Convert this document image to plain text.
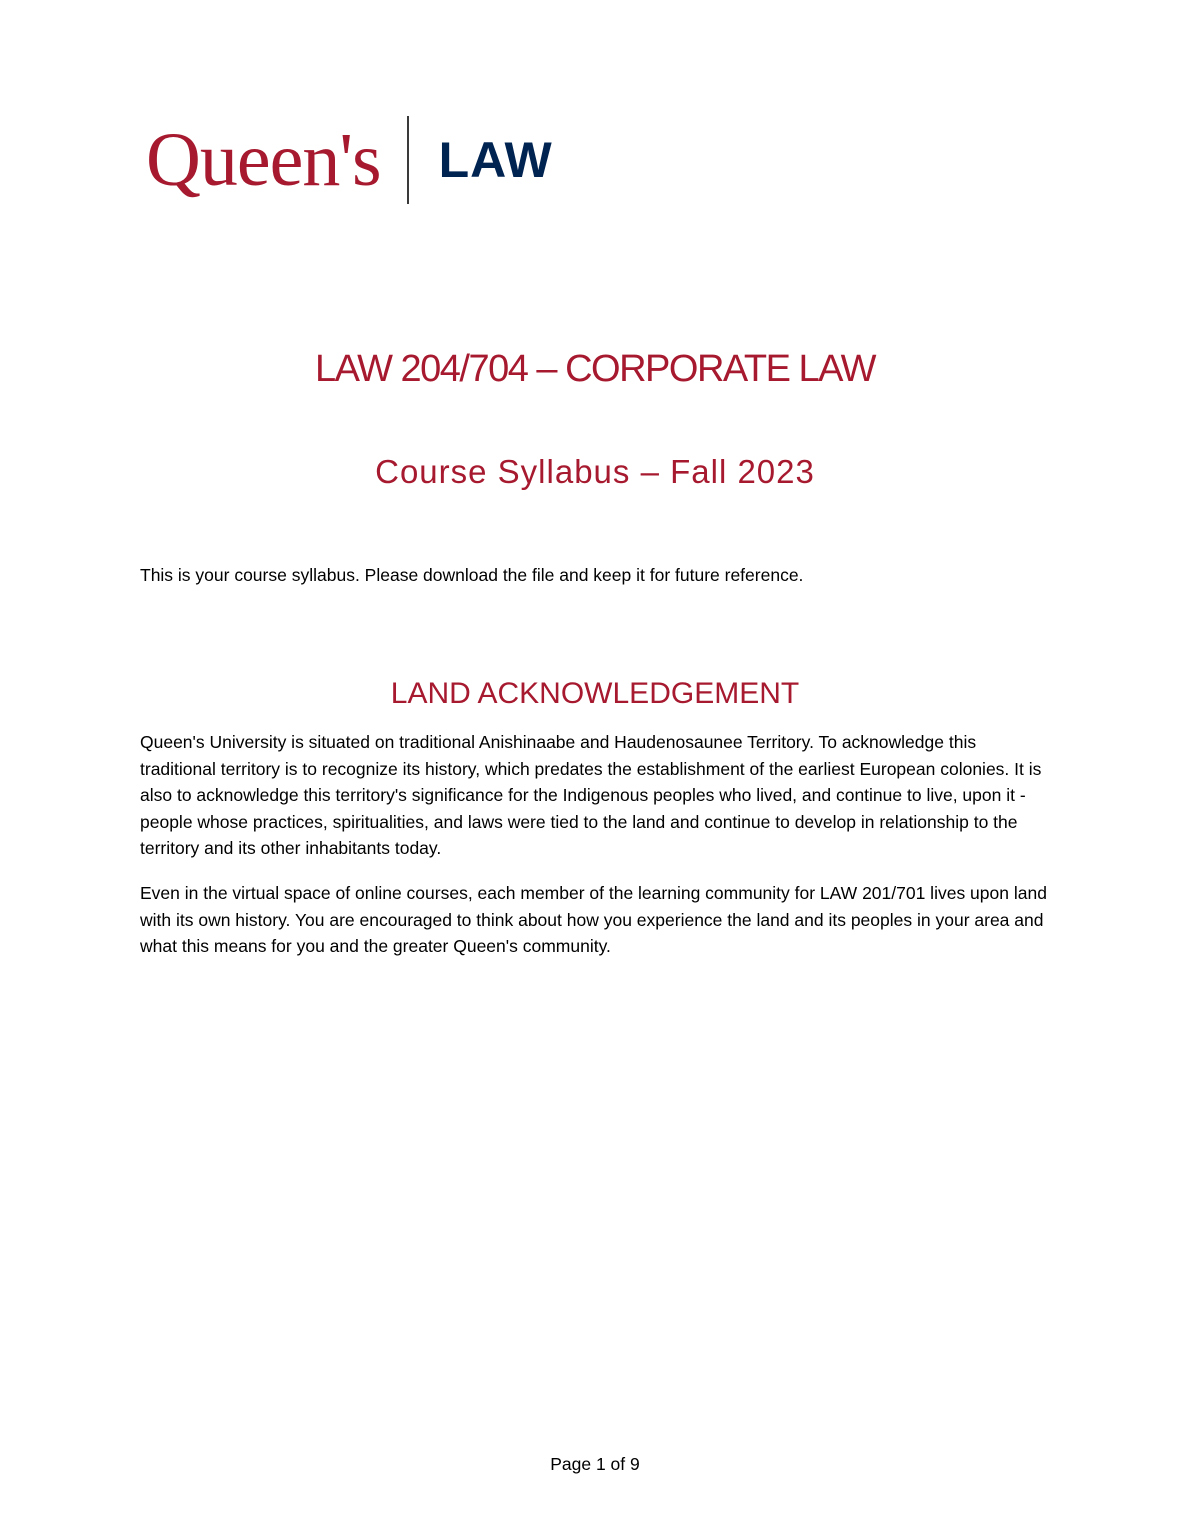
Queen's LAW
LAW 204/704 – CORPORATE LAW
Course Syllabus – Fall 2023

This is your course syllabus. Please download the file and keep it for future reference.

LAND ACKNOWLEDGEMENT

Queen's University is situated on traditional Anishinaabe and Haudenosaunee Territory. To acknowledge this traditional territory is to recognize its history, which predates the establishment of the earliest European colonies. It is also to acknowledge this territory's significance for the Indigenous peoples who lived, and continue to live, upon it - people whose practices, spiritualities, and laws were tied to the land and continue to develop in relationship to the territory and its other inhabitants today.

Even in the virtual space of online courses, each member of the learning community for LAW 201/701 lives upon land with its own history. You are encouraged to think about how you experience the land and its peoples in your area and what this means for you and the greater Queen's community.

Page 1 of 9
